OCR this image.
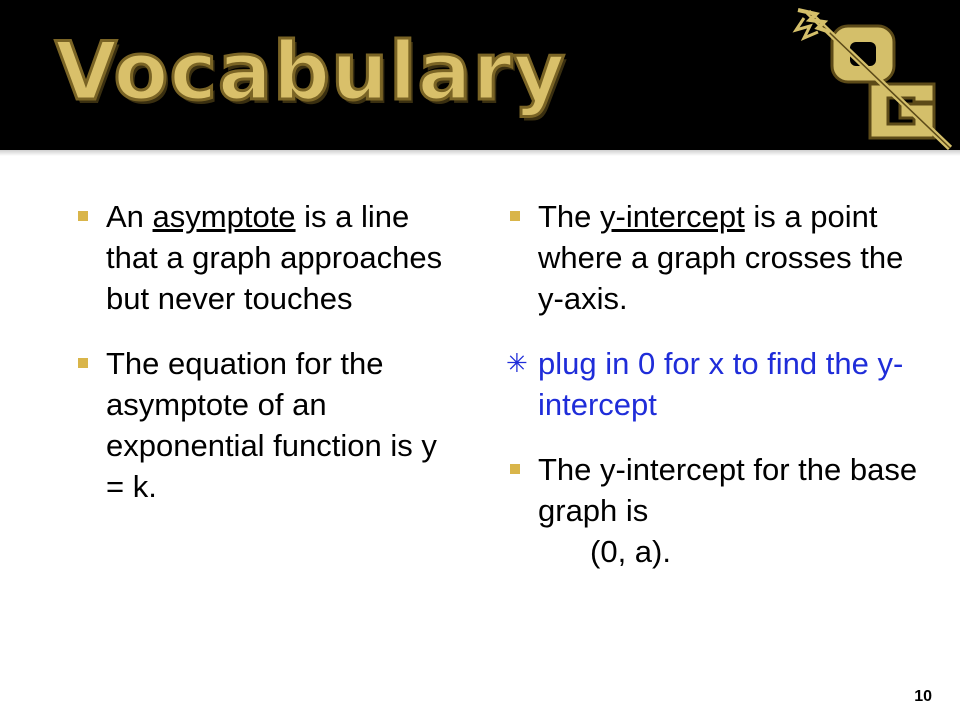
Vocabulary
OG
An asymptote is a line that a graph approaches but never touches
The equation for the asymptote of an exponential function is y = k.
The y-intercept is a point where a graph crosses the y-axis.
✳ plug in 0 for x to find the y-intercept
The y-intercept for the base graph is
(0, a).
10
